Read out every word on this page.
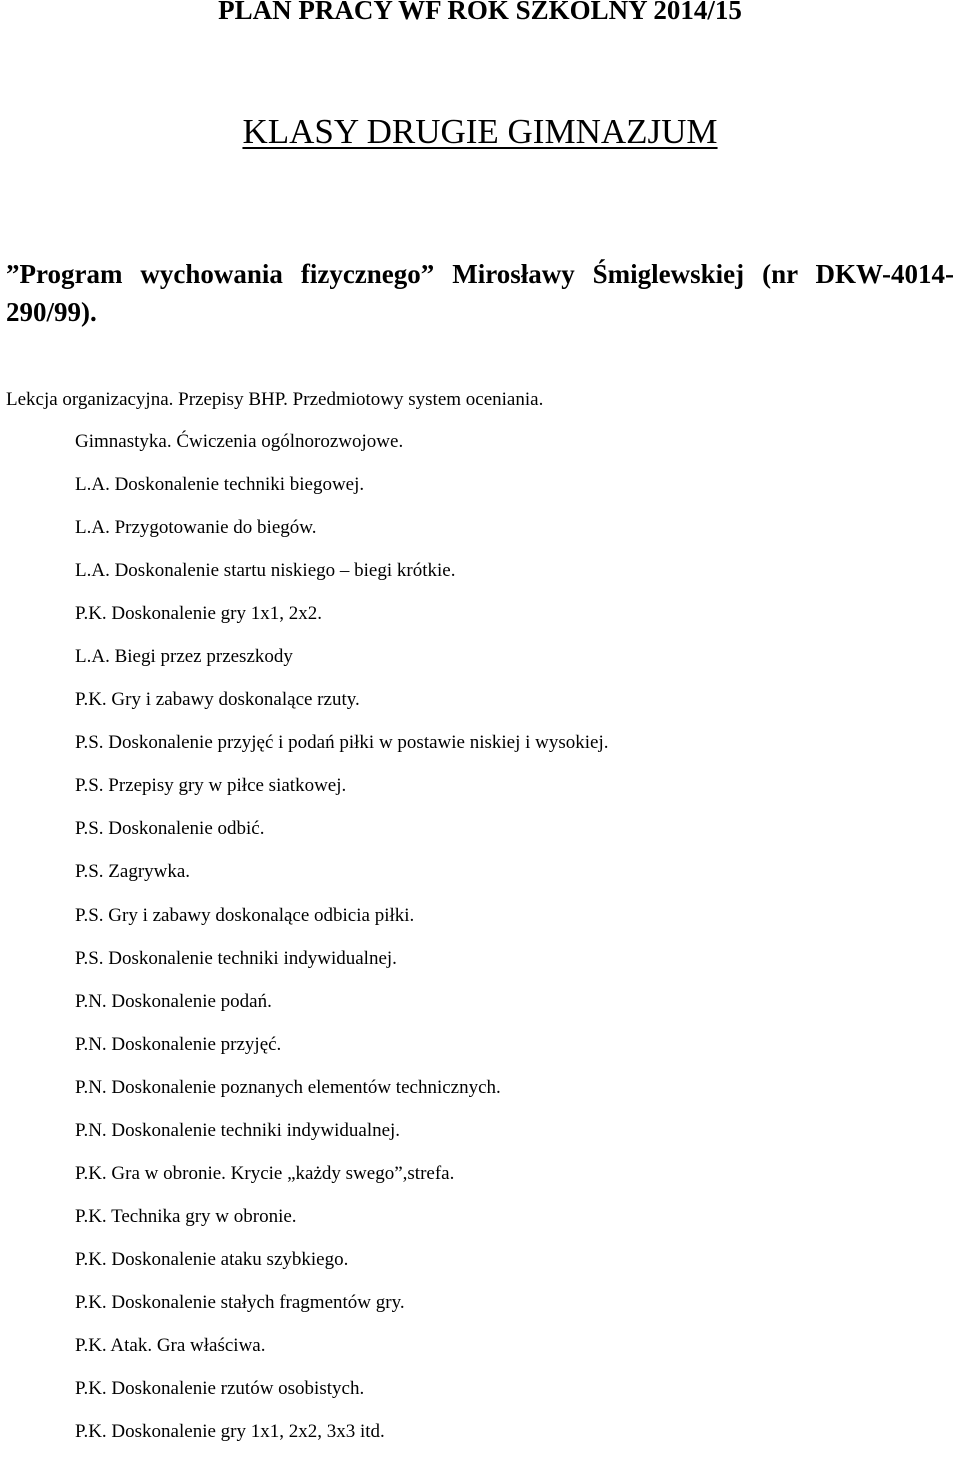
PLAN PRACY WF ROK SZKOLNY 2014/15

KLASY DRUGIE GIMNAZJUM

”Program wychowania fizycznego” Mirosławy Śmiglewskiej (nr DKW-4014-

290/99).

Lekcja organizacyjna. Przepisy BHP. Przedmiotowy system oceniania.

Gimnastyka. Ćwiczenia ogólnorozwojowe.
L.A. Doskonalenie techniki biegowej.
L.A. Przygotowanie do biegów.
L.A. Doskonalenie startu niskiego – biegi krótkie.
P.K. Doskonalenie gry 1x1, 2x2.
L.A. Biegi przez przeszkody
P.K. Gry i zabawy doskonalące rzuty.
P.S. Doskonalenie przyjęć i podań piłki w postawie niskiej i wysokiej.
P.S. Przepisy gry w piłce siatkowej.
P.S. Doskonalenie odbić.
P.S. Zagrywka.
P.S. Gry i zabawy doskonalące odbicia piłki.
P.S. Doskonalenie techniki indywidualnej.
P.N. Doskonalenie podań.
P.N. Doskonalenie przyjęć.
P.N. Doskonalenie poznanych elementów technicznych.
P.N. Doskonalenie techniki indywidualnej.
P.K. Gra w obronie. Krycie „każdy swego”,strefa.
P.K. Technika gry w obronie.
P.K. Doskonalenie ataku szybkiego.
P.K. Doskonalenie stałych fragmentów gry.
P.K. Atak. Gra właściwa.
P.K. Doskonalenie rzutów osobistych.
P.K. Doskonalenie gry 1x1, 2x2, 3x3 itd.
